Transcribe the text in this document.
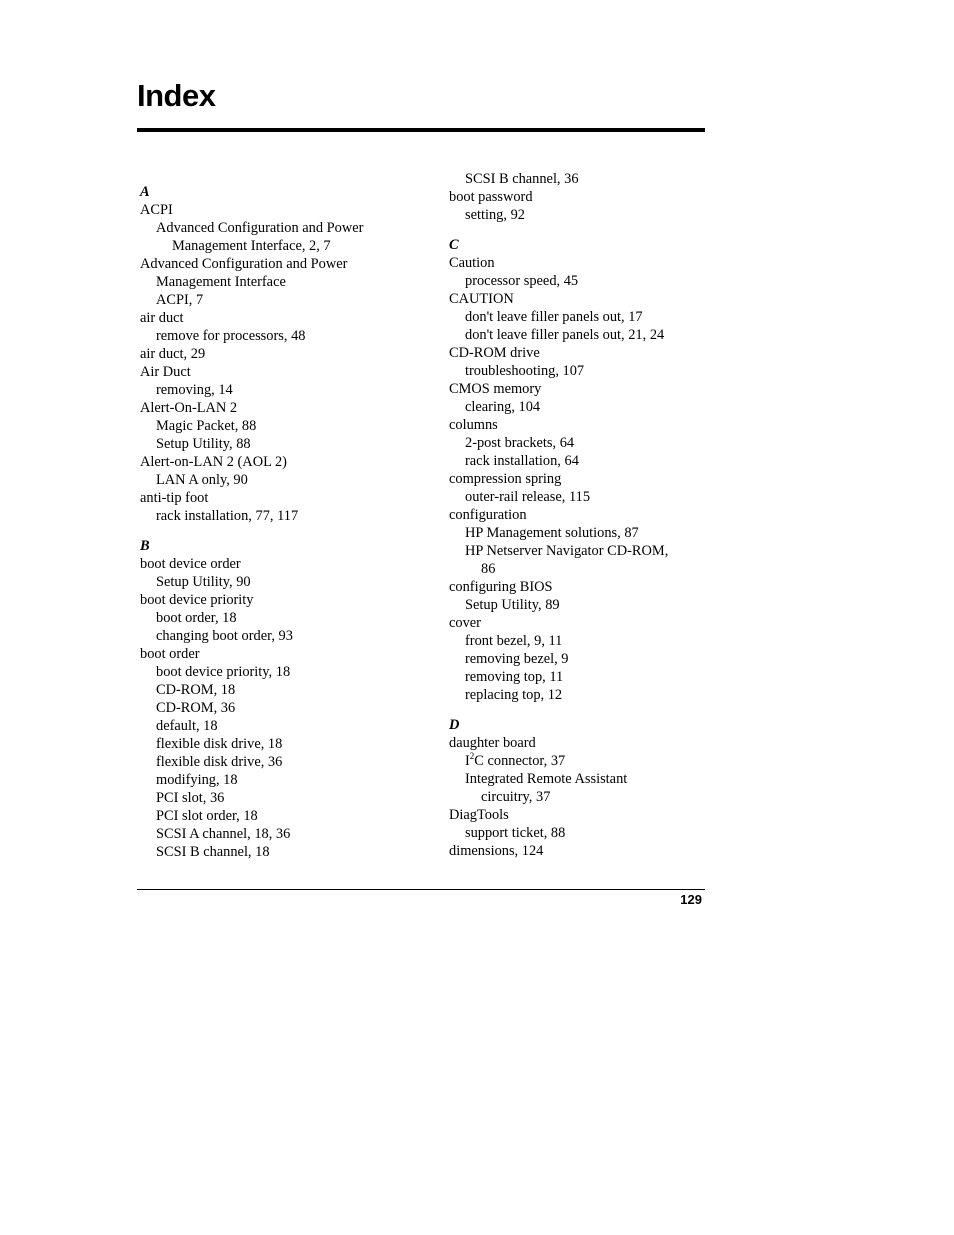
Index
A
ACPI
Advanced Configuration and Power
Management Interface, 2, 7
Advanced Configuration and Power
Management Interface
ACPI, 7
air duct
remove for processors, 48
air duct, 29
Air Duct
removing, 14
Alert-On-LAN 2
Magic Packet, 88
Setup Utility, 88
Alert-on-LAN 2 (AOL 2)
LAN A only, 90
anti-tip foot
rack installation, 77, 117
B
boot device order
Setup Utility, 90
boot device priority
boot order, 18
changing boot order, 93
boot order
boot device priority, 18
CD-ROM, 18
CD-ROM, 36
default, 18
flexible disk drive, 18
flexible disk drive, 36
modifying, 18
PCI slot, 36
PCI slot order, 18
SCSI A channel, 18, 36
SCSI B channel, 18
SCSI B channel, 36
boot password
setting, 92
C
Caution
processor speed, 45
CAUTION
don't leave filler panels out, 17
don't leave filler panels out, 21, 24
CD-ROM drive
troubleshooting, 107
CMOS memory
clearing, 104
columns
2-post brackets, 64
rack installation, 64
compression spring
outer-rail release, 115
configuration
HP Management solutions, 87
HP Netserver Navigator CD-ROM,
86
configuring BIOS
Setup Utility, 89
cover
front bezel, 9, 11
removing bezel, 9
removing top, 11
replacing top, 12
D
daughter board
$I^2C$ connector, 37
Integrated Remote Assistant
circuitry, 37
DiagTools
support ticket, 88
dimensions, 124
129
